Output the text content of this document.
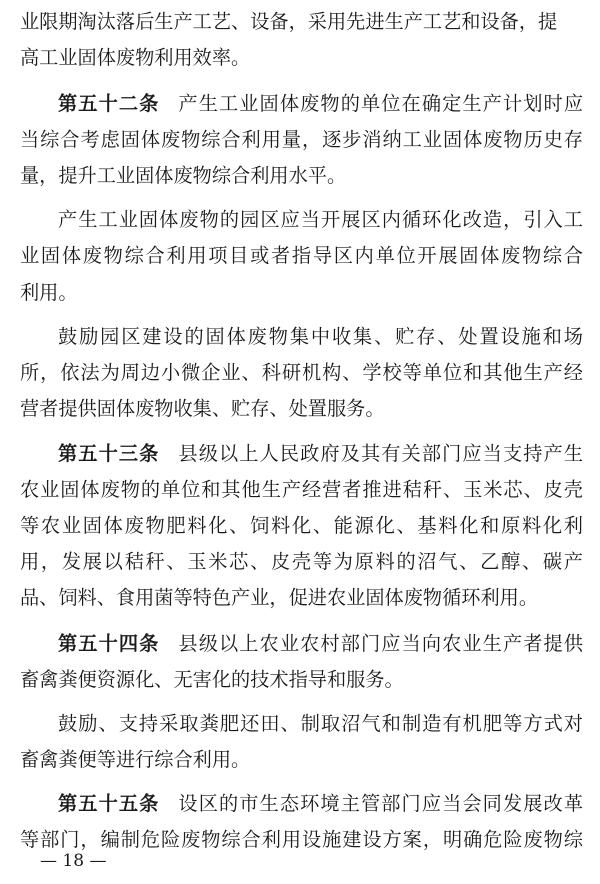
业限期淘汰落后生产工艺、设备，采用先进生产工艺和设备，提
高工业固体废物利用效率。
第五十二条 产生工业固体废物的单位在确定生产计划时应
当综合考虑固体废物综合利用量，逐步消纳工业固体废物历史存
量，提升工业固体废物综合利用水平。
产生工业固体废物的园区应当开展区内循环化改造，引入工
业固体废物综合利用项目或者指导区内单位开展固体废物综合
利用。
鼓励园区建设的固体废物集中收集、贮存、处置设施和场
所，依法为周边小微企业、科研机构、学校等单位和其他生产经
营者提供固体废物收集、贮存、处置服务。
第五十三条 县级以上人民政府及其有关部门应当支持产生
农业固体废物的单位和其他生产经营者推进秸秆、玉米芯、皮壳
等农业固体废物肥料化、饲料化、能源化、基料化和原料化利
用，发展以秸秆、玉米芯、皮壳等为原料的沼气、乙醇、碳产
品、饲料、食用菌等特色产业，促进农业固体废物循环利用。
第五十四条 县级以上农业农村部门应当向农业生产者提供
畜禽粪便资源化、无害化的技术指导和服务。
鼓励、支持采取粪肥还田、制取沼气和制造有机肥等方式对
畜禽粪便等进行综合利用。
第五十五条 设区的市生态环境主管部门应当会同发展改革
等部门，编制危险废物综合利用设施建设方案，明确危险废物综
— 18 —
